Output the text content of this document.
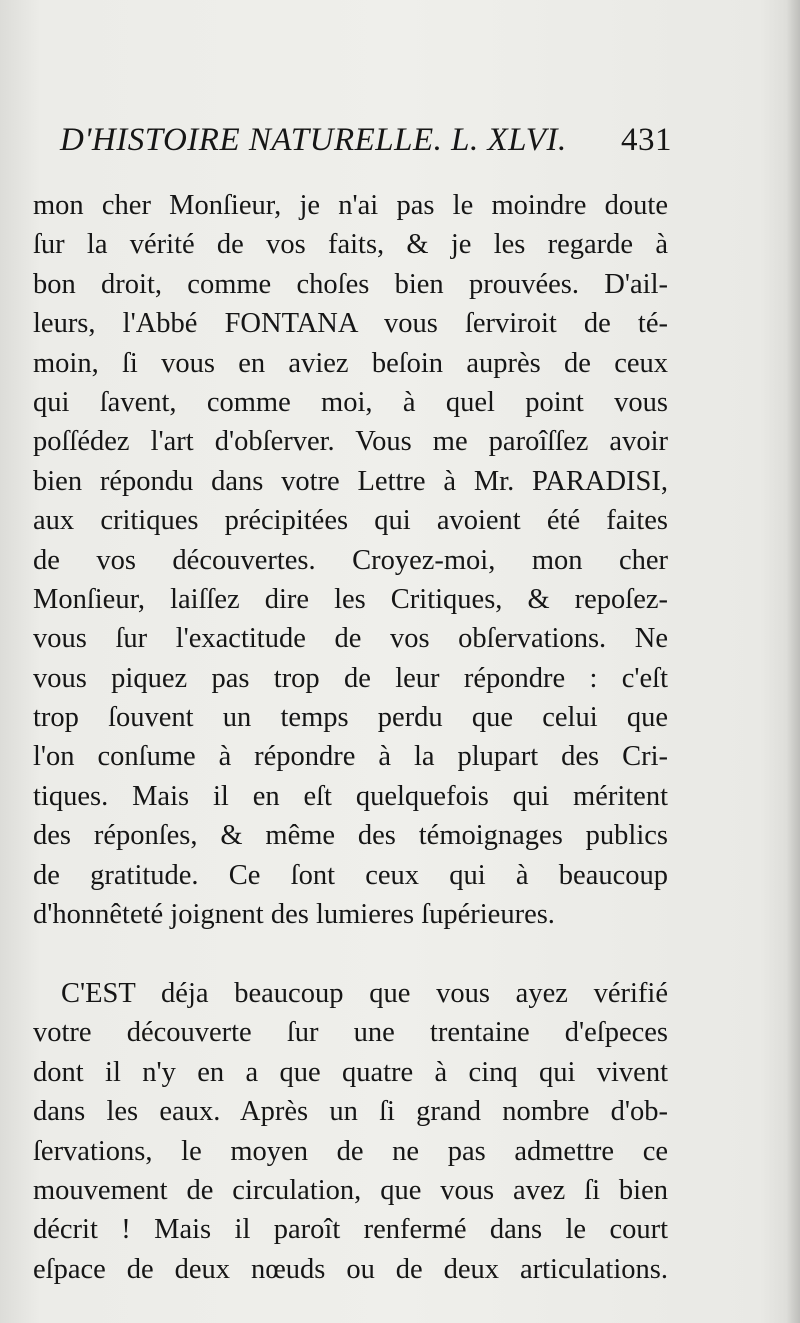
D'HISTOIRE NATURELLE. L. XLVI. 431
mon cher Monſieur, je n'ai pas le moindre doute
ſur la vérité de vos faits, & je les regarde à
bon droit, comme choſes bien prouvées. D'ail-
leurs, l'Abbé FONTANA vous ſerviroit de té-
moin, ſi vous en aviez beſoin auprès de ceux
qui ſavent, comme moi, à quel point vous
poſſédez l'art d'obſerver. Vous me paroîſſez avoir
bien répondu dans votre Lettre à Mr. PARADISI,
aux critiques précipitées qui avoient été faites
de vos découvertes. Croyez-moi, mon cher
Monſieur, laiſſez dire les Critiques, & repoſez-
vous ſur l'exactitude de vos obſervations. Ne
vous piquez pas trop de leur répondre : c'eſt
trop ſouvent un temps perdu que celui que
l'on conſume à répondre à la plupart des Cri-
tiques. Mais il en eſt quelquefois qui méritent
des réponſes, & même des témoignages publics
de gratitude. Ce ſont ceux qui à beaucoup
d'honnêteté joignent des lumieres ſupérieures.
C'EST déja beaucoup que vous ayez vérifié
votre découverte ſur une trentaine d'eſpeces
dont il n'y en a que quatre à cinq qui vivent
dans les eaux. Après un ſi grand nombre d'ob-
ſervations, le moyen de ne pas admettre ce
mouvement de circulation, que vous avez ſi bien
décrit ! Mais il paroît renfermé dans le court
eſpace de deux nœuds ou de deux articulations.
